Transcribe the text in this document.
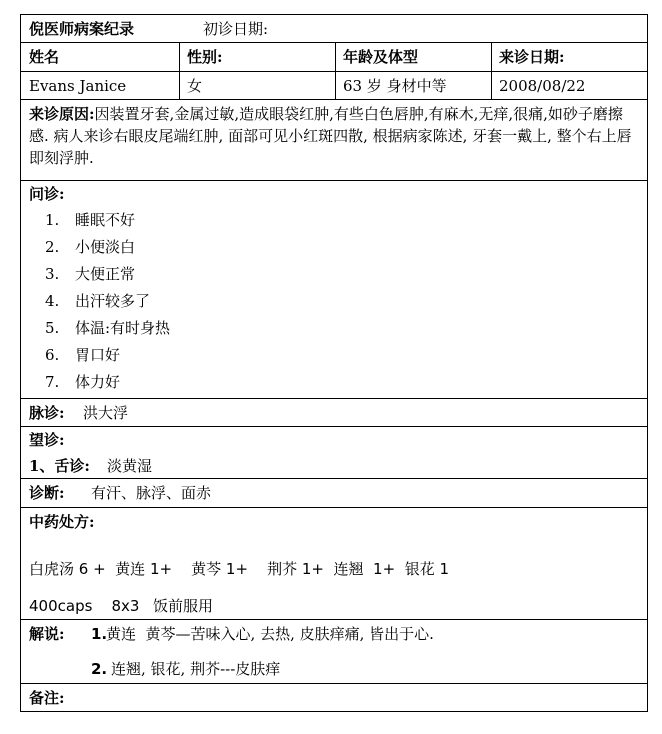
倪医师病案纪录	初诊日期:
姓名	性别:	年龄及体型	来诊日期:
Evans Janice	女	63 岁 身材中等	2008/08/22
来诊原因:因装置牙套,金属过敏,造成眼袋红肿,有些白色唇肿,有麻木,无痒,很痛,如砂子磨擦感. 病人来诊右眼皮尾端红肿, 面部可见小红斑四散, 根据病家陈述, 牙套一戴上, 整个右上唇即刻浮肿.
问诊:
1. 睡眠不好
2. 小便淡白
3. 大便正常
4. 出汗较多了
5. 体温:有时身热
6. 胃口好
7. 体力好
脉诊: 洪大浮
望诊:
1、舌诊: 淡黄湿
诊断: 有汗、脉浮、面赤
中药处方:
白虎汤 6 +  黄连 1+    黄芩 1+    荆芥 1+  连翘  1+  银花 1
400caps    8x3 饭前服用
解说: 1.
黄连  黄芩—苦味入心, 去热, 皮肤痒痛, 皆出于心.
2. 连翘, 银花, 荆芥---皮肤痒
备注:
